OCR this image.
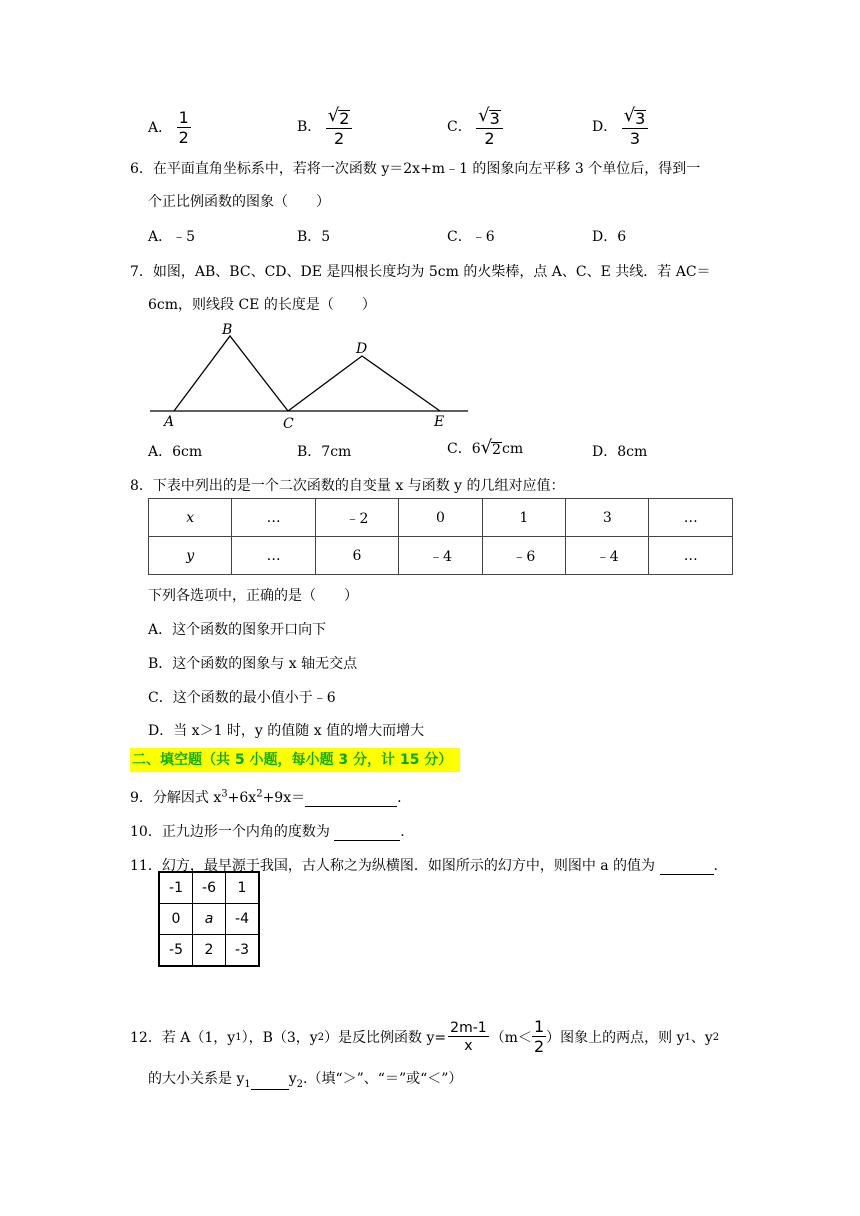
A． $\frac{1}{2}$	B． $\frac{√ 2}{2}$	C． $\frac{√ 3}{2}$	D． $\frac{√ 3}{3}$
6．在平面直角坐标系中，若将一次函数 y＝2x+m﹣1 的图象向左平移 3 个单位后，得到一
个正比例函数的图象（　　）
A．﹣5	B．5	C．﹣6	D．6
7．如图，AB、BC、CD、DE 是四根长度均为 5cm 的火柴棒，点 A、C、E 共线．若 AC＝
6cm，则线段 CE 的长度是（　　）
A
B
C
D
E
A．6cm	B．7cm	C．6 √ 2 cm	D．8cm
8．下表中列出的是一个二次函数的自变量 x 与函数 y 的几组对应值：
x	…	﹣2	0	1	3	…
y	…	6	﹣4	﹣6	﹣4	…
下列各选项中，正确的是（　　）
A．这个函数的图象开口向下
B．这个函数的图象与 x 轴无交点
C．这个函数的最小值小于﹣6
D．当 x＞1 时，y 的值随 x 值的增大而增大
二、填空题（共 5 小题，每小题 3 分，计 15 分）
9．分解因式 $x^3+6x^2+9x=$	.
10．正九边形一个内角的度数为	.
11．幻方，最早源于我国，古人称之为纵横图．如图所示的幻方中，则图中 a 的值为	.
-1	-6	1
0	a	-4
-5	2	-3
12．若 A（1，y 1 ），B（3，y 2 ）是反比例函数 $y= \frac{2m-1}{x} (m< \frac{1}{2}$ ）图象上的两点，则 y 1 、y 2
的大小关系是 $y_1$	$y_2$.（填“＞”、“＝”或“＜”）
